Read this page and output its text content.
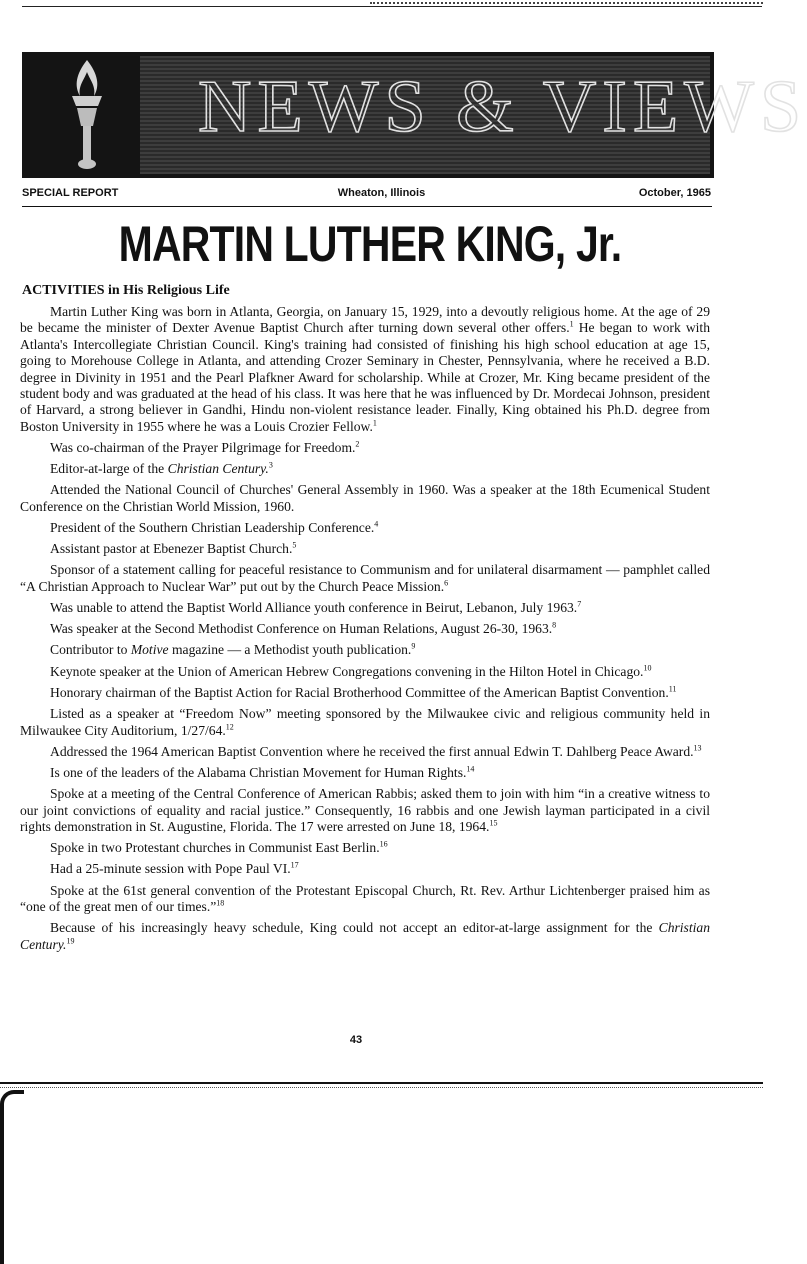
NEWS & VIEWS
SPECIAL REPORT	Wheaton, Illinois	October, 1965
MARTIN LUTHER KING, Jr.
ACTIVITIES in His Religious Life

Martin Luther King was born in Atlanta, Georgia, on January 15, 1929, into a devoutly religious home. At the age of 29 be became the minister of Dexter Avenue Baptist Church after turning down several other offers.$^1$ He began to work with Atlanta's Intercollegiate Christian Council. King's training had consisted of finishing his high school education at age 15, going to Morehouse College in Atlanta, and attending Crozer Seminary in Chester, Pennsylvania, where he received a B.D. degree in Divinity in 1951 and the Pearl Plafkner Award for scholarship. While at Crozer, Mr. King became president of the student body and was graduated at the head of his class. It was here that he was influenced by Dr. Mordecai Johnson, president of Harvard, a strong believer in Gandhi, Hindu non-violent resistance leader. Finally, King obtained his Ph.D. degree from Boston University in 1955 where he was a Louis Crozier Fellow.$^1$

Was co-chairman of the Prayer Pilgrimage for Freedom.$^2$

Editor-at-large of the Christian Century.$^3$

Attended the National Council of Churches' General Assembly in 1960. Was a speaker at the 18th Ecumenical Student Conference on the Christian World Mission, 1960.

President of the Southern Christian Leadership Conference.$^4$

Assistant pastor at Ebenezer Baptist Church.$^5$

Sponsor of a statement calling for peaceful resistance to Communism and for unilateral disarmament — pamphlet called “A Christian Approach to Nuclear War” put out by the Church Peace Mission.$^6$

Was unable to attend the Baptist World Alliance youth conference in Beirut, Lebanon, July 1963.$^7$

Was speaker at the Second Methodist Conference on Human Relations, August 26-30, 1963.$^8$

Contributor to Motive magazine — a Methodist youth publication.$^9$

Keynote speaker at the Union of American Hebrew Congregations convening in the Hilton Hotel in Chicago.$^{10}$

Honorary chairman of the Baptist Action for Racial Brotherhood Committee of the American Baptist Convention.$^{11}$

Listed as a speaker at “Freedom Now” meeting sponsored by the Milwaukee civic and religious community held in Milwaukee City Auditorium, 1/27/64.12

Addressed the 1964 American Baptist Convention where he received the first annual Edwin T. Dahlberg Peace Award.$^{13}$

Is one of the leaders of the Alabama Christian Movement for Human Rights.$^{14}$

Spoke at a meeting of the Central Conference of American Rabbis; asked them to join with him “in a creative witness to our joint convictions of equality and racial justice.” Consequently, 16 rabbis and one Jewish layman participated in a civil rights demonstration in St. Augustine, Florida. The 17 were arrested on June 18, 1964.15

Spoke in two Protestant churches in Communist East Berlin.$^{16}$

Had a 25-minute session with Pope Paul VI.$^{17}$

Spoke at the 61st general convention of the Protestant Episcopal Church, Rt. Rev. Arthur Lichtenberger praised him as “one of the great men of our times.”$^{18}$

Because of his increasingly heavy schedule, King could not accept an editor-at-large assignment for the Christian Century.$^{19}$

43
